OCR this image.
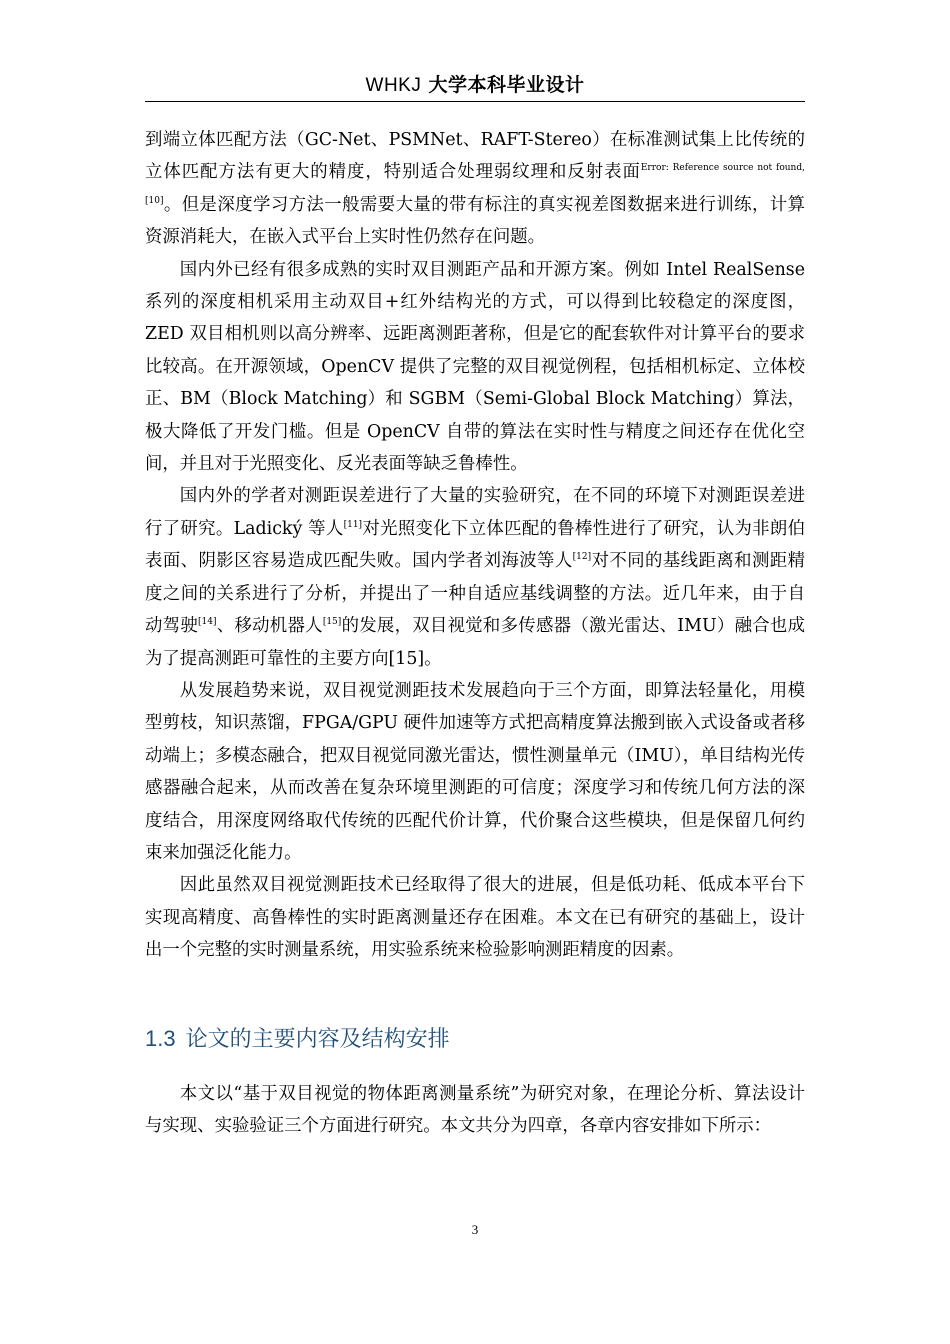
WHKJ 大学本科毕业设计

到端立体匹配方法（GC-Net、PSMNet、RAFT-Stereo）在标准测试集上比传统的立体匹配方法有更大的精度，特别适合处理弱纹理和反射表面$^{Error: Reference source not found,[10]}$。但是深度学习方法一般需要大量的带有标注的真实视差图数据来进行训练，计算资源消耗大，在嵌入式平台上实时性仍然存在问题。

国内外已经有很多成熟的实时双目测距产品和开源方案。例如 Intel RealSense 系列的深度相机采用主动双目+红外结构光的方式，可以得到比较稳定的深度图，ZED 双目相机则以高分辨率、远距离测距著称，但是它的配套软件对计算平台的要求比较高。在开源领域，OpenCV 提供了完整的双目视觉例程，包括相机标定、立体校正、BM（Block Matching）和 SGBM（Semi-Global Block Matching）算法，极大降低了开发门槛。但是 OpenCV 自带的算法在实时性与精度之间还存在优化空间，并且对于光照变化、反光表面等缺乏鲁棒性。

国内外的学者对测距误差进行了大量的实验研究，在不同的环境下对测距误差进行了研究。Ladický 等人[11]对光照变化下立体匹配的鲁棒性进行了研究，认为非朗伯表面、阴影区容易造成匹配失败。国内学者刘海波等人[12]对不同的基线距离和测距精度之间的关系进行了分析，并提出了一种自适应基线调整的方法。近几年来，由于自动驾驶[14]、移动机器人[15]的发展，双目视觉和多传感器（激光雷达、IMU）融合也成为了提高测距可靠性的主要方向[15]。

从发展趋势来说，双目视觉测距技术发展趋向于三个方面，即算法轻量化，用模型剪枝，知识蒸馏，FPGA/GPU 硬件加速等方式把高精度算法搬到嵌入式设备或者移动端上；多模态融合，把双目视觉同激光雷达，惯性测量单元（IMU），单目结构光传感器融合起来，从而改善在复杂环境里测距的可信度；深度学习和传统几何方法的深度结合，用深度网络取代传统的匹配代价计算，代价聚合这些模块，但是保留几何约束来加强泛化能力。

因此虽然双目视觉测距技术已经取得了很大的进展，但是低功耗、低成本平台下实现高精度、高鲁棒性的实时距离测量还存在困难。本文在已有研究的基础上，设计出一个完整的实时测量系统，用实验系统来检验影响测距精度的因素。

1.3 论文的主要内容及结构安排

本文以“基于双目视觉的物体距离测量系统”为研究对象，在理论分析、算法设计与实现、实验验证三个方面进行研究。本文共分为四章，各章内容安排如下所示：

3
